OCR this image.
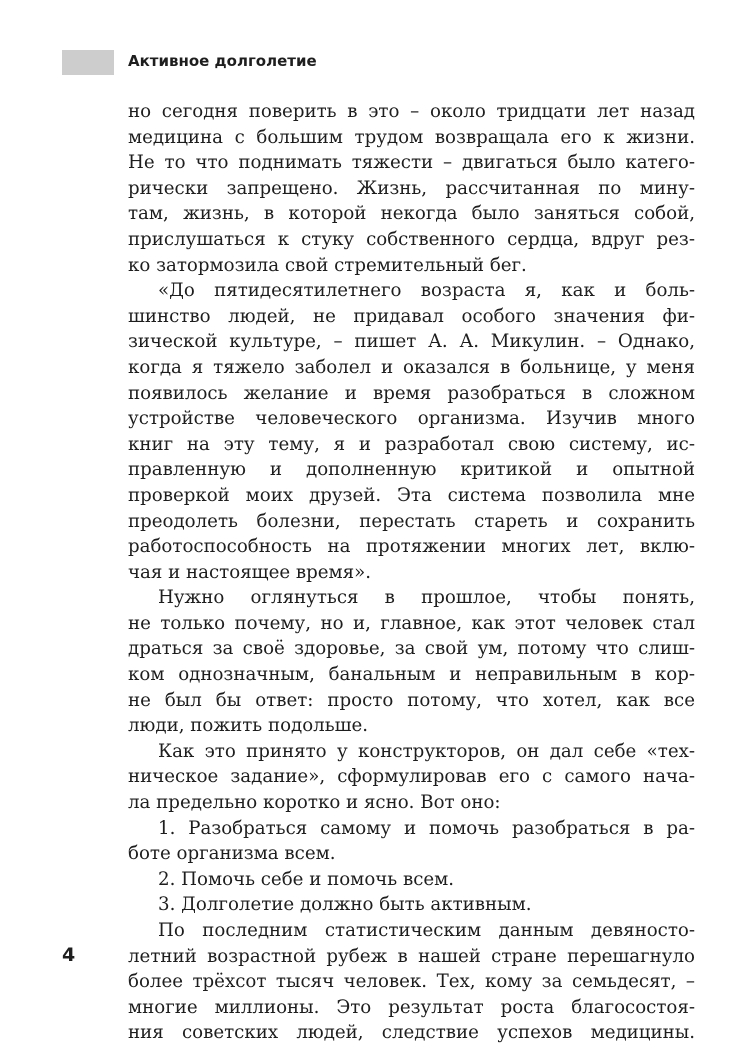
Активное долголетие
но сегодня поверить в это – около тридцати лет назад
медицина с большим трудом возвращала его к жизни.
Не то что поднимать тяжести – двигаться было катего-
рически запрещено. Жизнь, рассчитанная по мину-
там, жизнь, в которой некогда было заняться собой,
прислушаться к стуку собственного сердца, вдруг рез-
ко затормозила свой стремительный бег.
«До пятидесятилетнего возраста я, как и боль-
шинство людей, не придавал особого значения фи-
зической культуре, – пишет А. А. Микулин. – Однако,
когда я тяжело заболел и оказался в больнице, у меня
появилось желание и время разобраться в сложном
устройстве человеческого организма. Изучив много
книг на эту тему, я и разработал свою систему, ис-
правленную и дополненную критикой и опытной
проверкой моих друзей. Эта система позволила мне
преодолеть болезни, перестать стареть и сохранить
работоспособность на протяжении многих лет, вклю-
чая и настоящее время».
Нужно оглянуться в прошлое, чтобы понять,
не только почему, но и, главное, как этот человек стал
драться за своё здоровье, за свой ум, потому что слиш-
ком однозначным, банальным и неправильным в кор-
не был бы ответ: просто потому, что хотел, как все
люди, пожить подольше.
Как это принято у конструкторов, он дал себе «тех-
ническое задание», сформулировав его с самого нача-
ла предельно коротко и ясно. Вот оно:
1. Разобраться самому и помочь разобраться в ра-
боте организма всем.
2. Помочь себе и помочь всем.
3. Долголетие должно быть активным.
По последним статистическим данным девяносто-
летний возрастной рубеж в нашей стране перешагнуло
более трёхсот тысяч человек. Тех, кому за семьдесят, –
многие миллионы. Это результат роста благосостоя-
ния советских людей, следствие успехов медицины.
4
